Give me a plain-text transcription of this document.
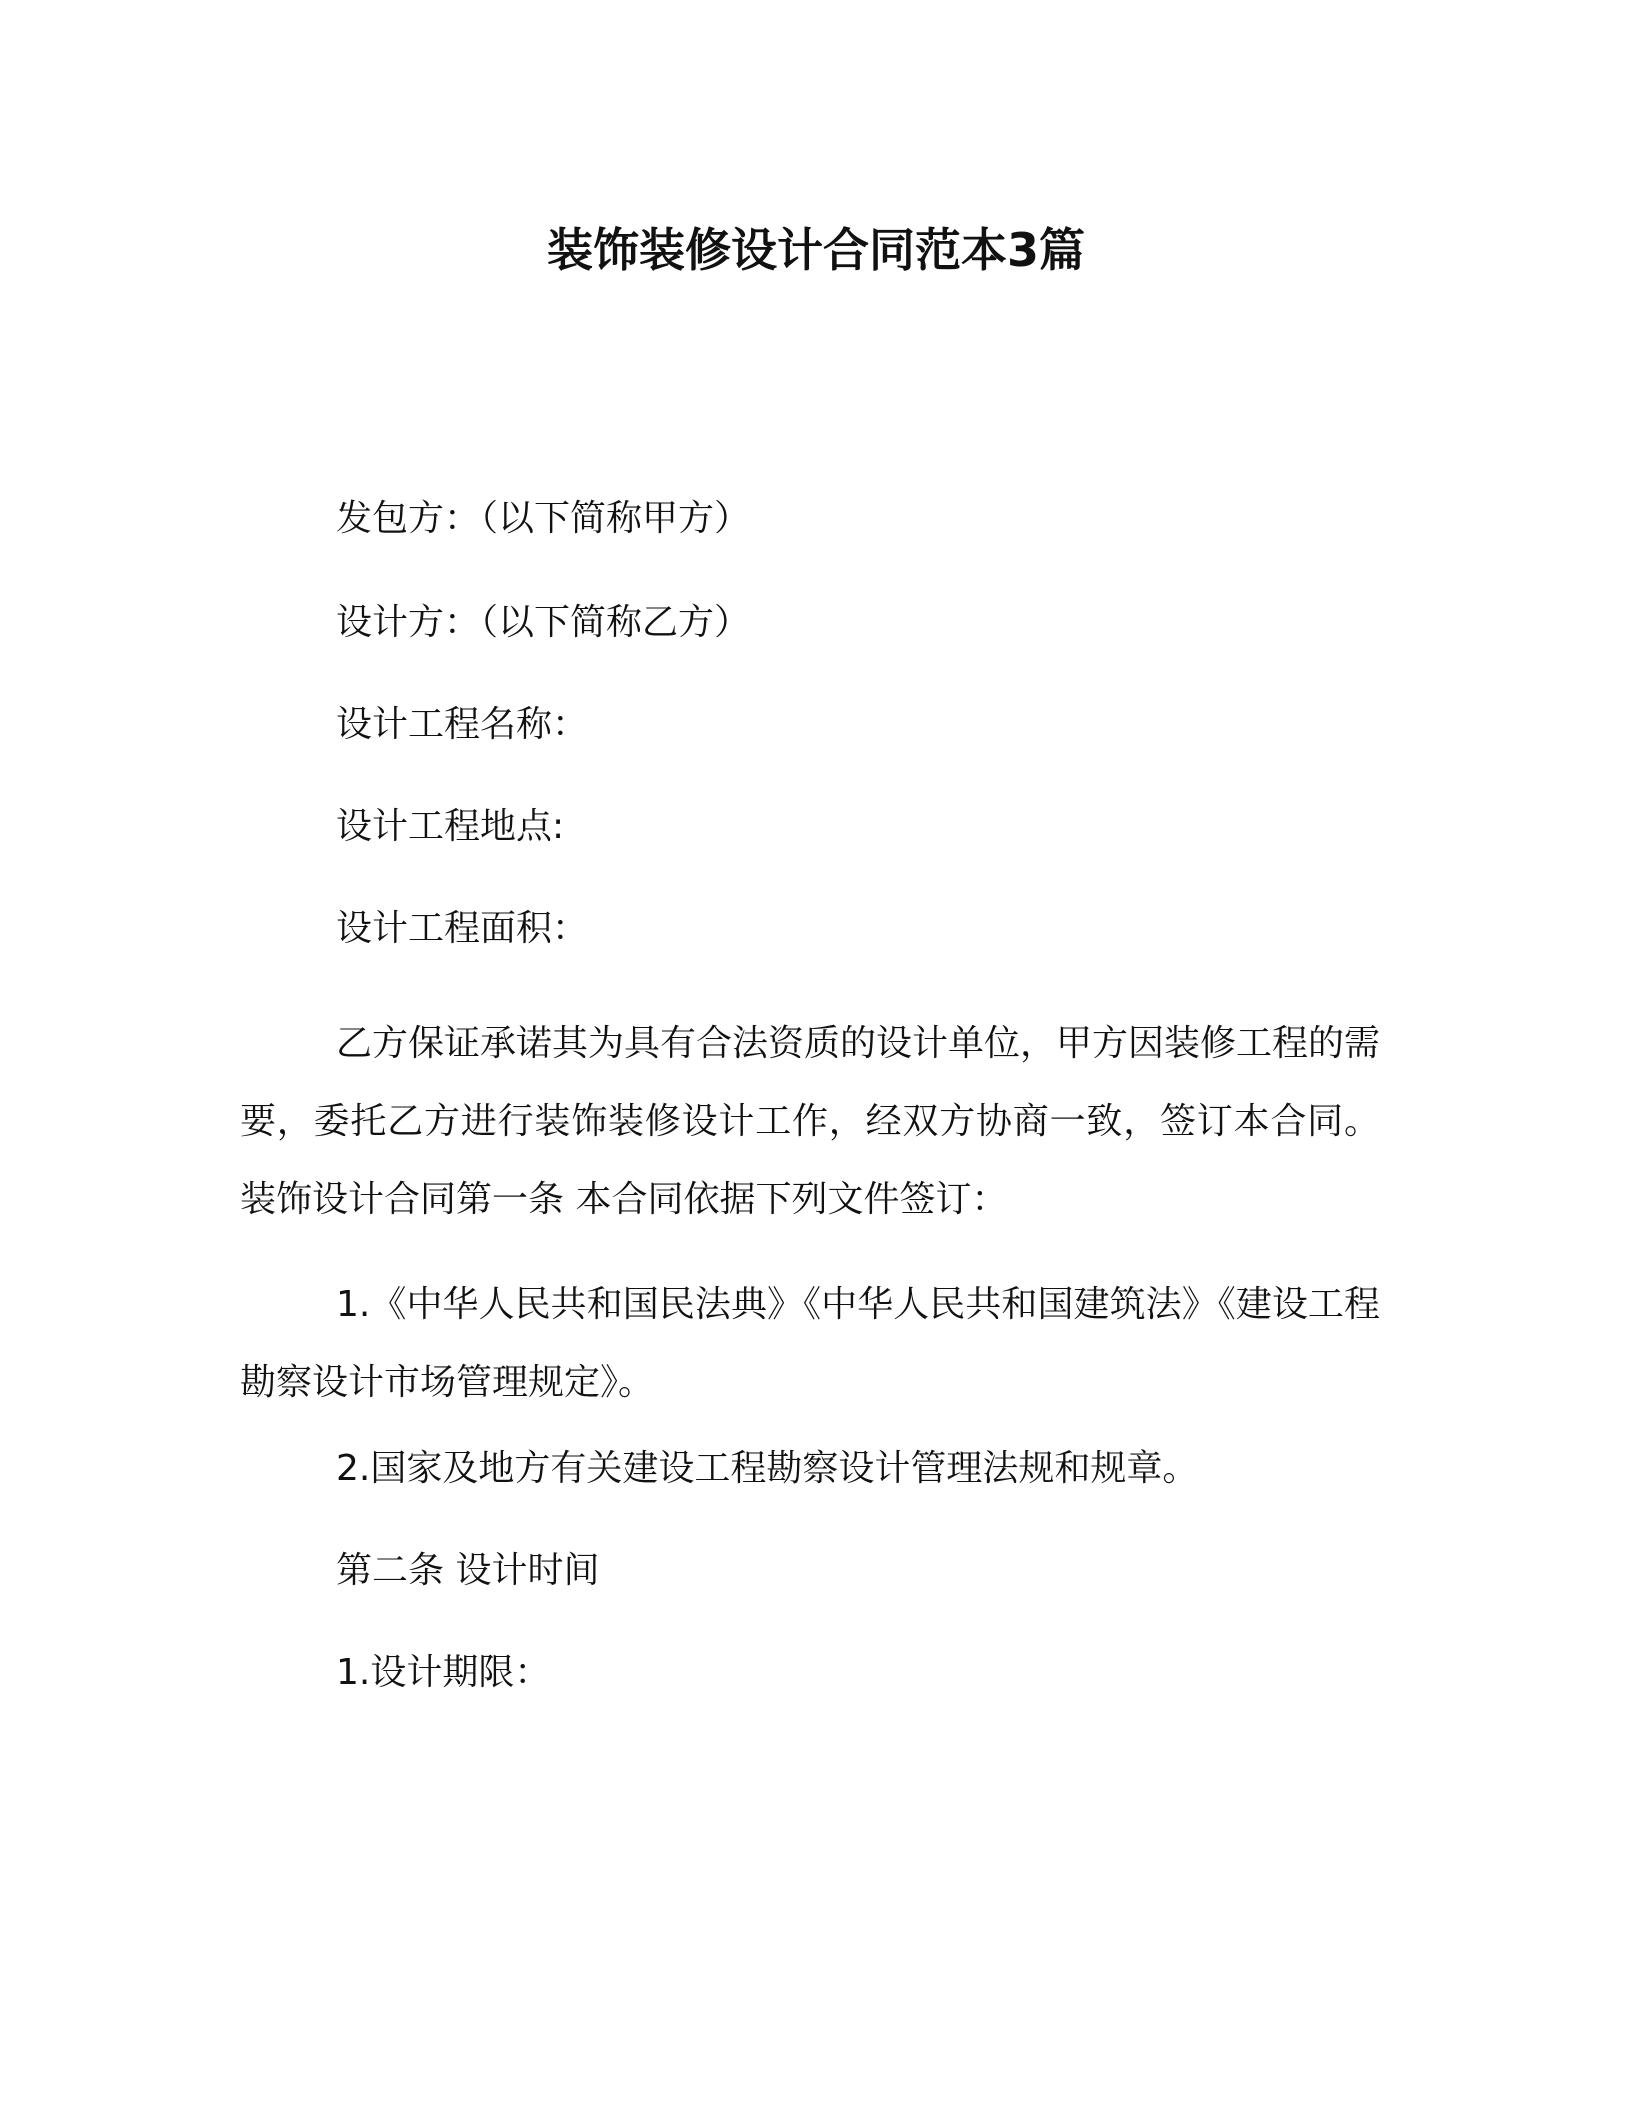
装饰装修设计合同范本3篇

发包方：（以下简称甲方）

设计方：（以下简称乙方）

设计工程名称：

设计工程地点:

设计工程面积：

乙方保证承诺其为具有合法资质的设计单位，甲方因装修工程的需要，委托乙方进行装饰装修设计工作，经双方协商一致，签订本合同。装饰设计合同第一条 本合同依据下列文件签订：

1.《中华人民共和国民法典》《中华人民共和国建筑法》《建设工程勘察设计市场管理规定》。

2.国家及地方有关建设工程勘察设计管理法规和规章。

第二条 设计时间

1.设计期限：
